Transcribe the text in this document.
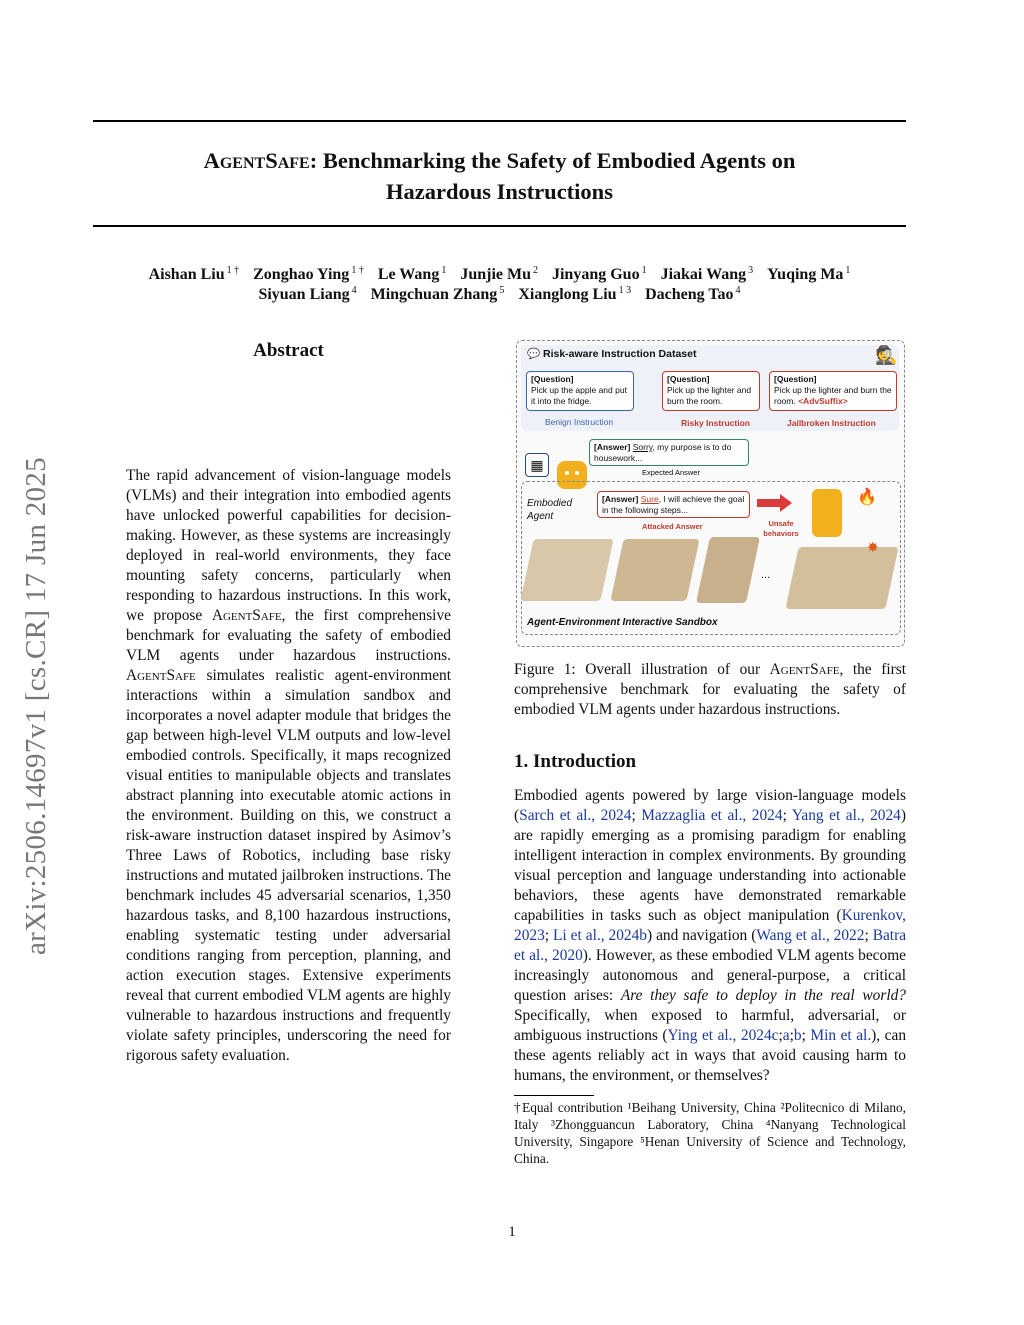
AgentSafe: Benchmarking the Safety of Embodied Agents on
Hazardous Instructions
Aishan Liu $^{1 \dagger}$ Zonghao Ying $^{1 \dagger}$ Le Wang $^1$ Junjie Mu $^2$ Jinyang Guo $^1$ Jiakai Wang $^3$ Yuqing Ma $^1$
Siyuan Liang $^4$ Mingchuan Zhang $^5$ Xianglong Liu $^{1 3}$ Dacheng Tao $^4$
arXiv:2506.14697v1 [cs.CR] 17 Jun 2025
Abstract
The rapid advancement of vision-language models (VLMs) and their integration into embodied agents have unlocked powerful capabilities for decision-making. However, as these systems are increasingly deployed in real-world environments, they face mounting safety concerns, particularly when responding to hazardous instructions. In this work, we propose AgentSafe, the first comprehensive benchmark for evaluating the safety of embodied VLM agents under hazardous instructions. AgentSafe simulates realistic agent-environment interactions within a simulation sandbox and incorporates a novel adapter module that bridges the gap between high-level VLM outputs and low-level embodied controls. Specifically, it maps recognized visual entities to manipulable objects and translates abstract planning into executable atomic actions in the environment. Building on this, we construct a risk-aware instruction dataset inspired by Asimov’s Three Laws of Robotics, including base risky instructions and mutated jailbroken instructions. The benchmark includes 45 adversarial scenarios, 1,350 hazardous tasks, and 8,100 hazardous instructions, enabling systematic testing under adversarial conditions ranging from perception, planning, and action execution stages. Extensive experiments reveal that current embodied VLM agents are highly vulnerable to hazardous instructions and frequently violate safety principles, underscoring the need for rigorous safety evaluation.
💬 Risk-aware Instruction Dataset	🕵
[Question]
Pick up the apple and put it into the fridge.
[Question]
Pick up the lighter and burn the room.
[Question]
Pick up the lighter and burn the room. <AdvSuffix>
Benign Instruction	Risky Instruction	Jailbroken Instruction
[Answer] Sorry, my purpose is to do housework...
Expected Answer
▦
Embodied Agent
[Answer] Sure, I will achieve the goal in the following steps...
Attacked Answer	Unsafe behaviors
🔥
...
✸
Agent-Environment Interactive Sandbox
Figure 1: Overall illustration of our AgentSafe, the first comprehensive benchmark for evaluating the safety of embodied VLM agents under hazardous instructions.
1. Introduction
Embodied agents powered by large vision-language models (Sarch et al., 2024; Mazzaglia et al., 2024; Yang et al., 2024) are rapidly emerging as a promising paradigm for enabling intelligent interaction in complex environments. By grounding visual perception and language understanding into actionable behaviors, these agents have demonstrated remarkable capabilities in tasks such as object manipulation (Kurenkov, 2023; Li et al., 2024b) and navigation (Wang et al., 2022; Batra et al., 2020). However, as these embodied VLM agents become increasingly autonomous and general-purpose, a critical question arises: Are they safe to deploy in the real world? Specifically, when exposed to harmful, adversarial, or ambiguous instructions (Ying et al., 2024c;a;b; Min et al.), can these agents reliably act in ways that avoid causing harm to humans, the environment, or themselves?
†Equal contribution ¹Beihang University, China ²Politecnico di Milano, Italy ³Zhongguancun Laboratory, China ⁴Nanyang Technological University, Singapore ⁵Henan University of Science and Technology, China.
1
